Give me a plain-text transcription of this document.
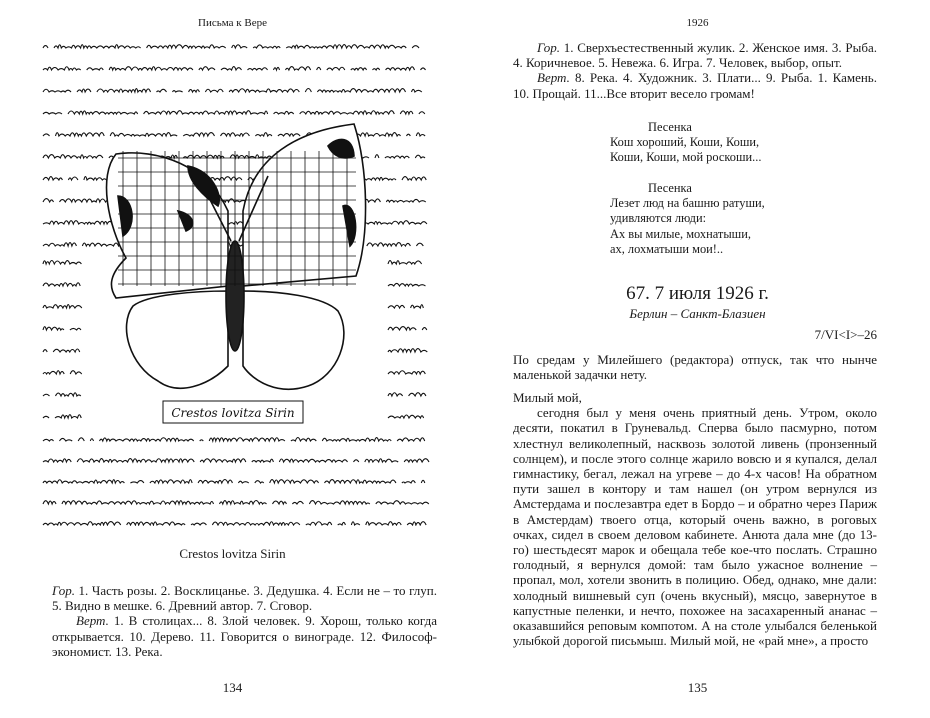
Письма к Вере
Crestos lovitza Sirin
Crestos lovitza Sirin
Гор. 1. Часть розы. 2. Восклицанье. 3. Дедушка. 4. Если не – то глуп. 5. Видно в мешке. 6. Древний автор. 7. Сговор.
Верт. 1. В столицах... 8. Злой человек. 9. Хорош, только когда открывается. 10. Дерево. 11. Говорится о винограде. 12. Философ-экономист. 13. Река.
134
1926
Гор. 1. Сверхъестественный жулик. 2. Женское имя. 3. Рыба. 4. Коричневое. 5. Невежа. 6. Игра. 7. Человек, выбор, опыт.
Верт. 8. Река. 4. Художник. 3. Плати... 9. Рыба. 1. Камень. 10. Прощай. 11...Все вторит весело громам!
Песенка
Кош хороший, Коши, Коши,
Коши, Коши, мой роскоши...
Песенка
Лезет люд на башню ратуши,
удивляются люди:
Ах вы милые, мохнатыши,
ах, лохматыши мои!..
67. 7 июля 1926 г.
Берлин – Санкт-Блазиен
7/VI<I>–26
По средам у Милейшего (редактора) отпуск, так что нынче маленькой задачки нету.
Милый мой,
сегодня был у меня очень приятный день. Утром, около десяти, покатил в Груневальд. Сперва было пасмурно, потом хлестнул великолепный, насквозь золотой ливень (пронзенный солнцем), и после этого солнце жарило вовсю и я купался, делал гимнастику, бегал, лежал на угреве – до 4-х часов! На обратном пути зашел в контору и там нашел (он утром вернулся из Амстердама и послезавтра едет в Бордо – и обратно через Париж в Амстердам) твоего отца, который очень важно, в роговых очках, сидел в своем деловом кабинете. Анюта дала мне (до 13-го) шестьдесят марок и обещала тебе кое-что послать. Страшно голодный, я вернулся домой: там было ужасное волнение – пропал, мол, хотели звонить в полицию. Обед, однако, мне дали: холодный вишневый суп (очень вкусный), мясцо, завернутое в капустные пеленки, и нечто, похожее на засахаренный ананас – оказавшийся реповым компотом. А на столе улыбался беленькой улыбкой дорогой письмыш. Милый мой, не «рай мне», а просто
135
